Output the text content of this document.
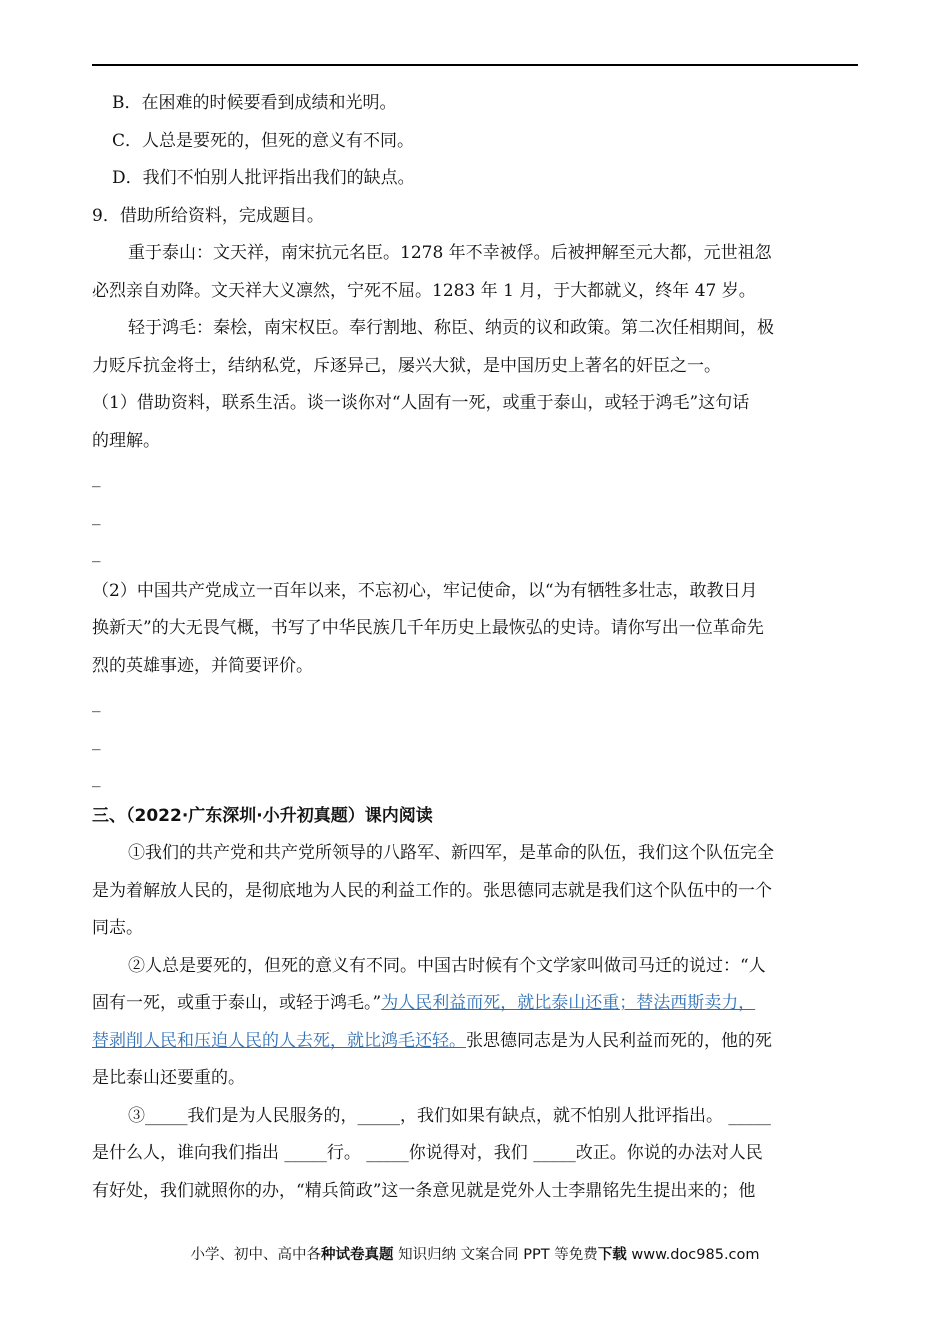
B．在困难的时候要看到成绩和光明。
C．人总是要死的，但死的意义有不同。
D．我们不怕别人批评指出我们的缺点。
9．借助所给资料，完成题目。
重于泰山：文天祥，南宋抗元名臣。1278 年不幸被俘。后被押解至元大都，元世祖忽
必烈亲自劝降。文天祥大义凛然，宁死不屈。1283 年 1 月，于大都就义，终年 47 岁。
轻于鸿毛：秦桧，南宋权臣。奉行割地、称臣、纳贡的议和政策。第二次任相期间，极
力贬斥抗金将士，结纳私党，斥逐异己，屡兴大狱，是中国历史上著名的奸臣之一。
（1）借助资料，联系生活。谈一谈你对“人固有一死，或重于泰山，或轻于鸿毛”这句话
的理解。
_
_
_
（2）中国共产党成立一百年以来，不忘初心，牢记使命，以“为有牺牲多壮志，敢教日月
换新天”的大无畏气概，书写了中华民族几千年历史上最恢弘的史诗。请你写出一位革命先
烈的英雄事迹，并简要评价。
_
_
_
三、（2022·广东深圳·小升初真题）课内阅读
①我们的共产党和共产党所领导的八路军、新四军，是革命的队伍，我们这个队伍完全
是为着解放人民的，是彻底地为人民的利益工作的。张思德同志就是我们这个队伍中的一个
同志。
②人总是要死的，但死的意义有不同。中国古时候有个文学家叫做司马迁的说过：“人
固有一死，或重于泰山，或轻于鸿毛。”为人民利益而死，就比泰山还重；替法西斯卖力，
替剥削人民和压迫人民的人去死，就比鸿毛还轻。张思德同志是为人民利益而死的，他的死
是比泰山还要重的。
③_____我们是为人民服务的，_____，我们如果有缺点，就不怕别人批评指出。 _____
是什么人，谁向我们指出 _____行。 _____你说得对，我们 _____改正。你说的办法对人民
有好处，我们就照你的办，“精兵简政”这一条意见就是党外人士李鼎铭先生提出来的；他
小学、初中、高中各种试卷真题 知识归纳 文案合同 PPT 等免费下载 www.doc985.com
